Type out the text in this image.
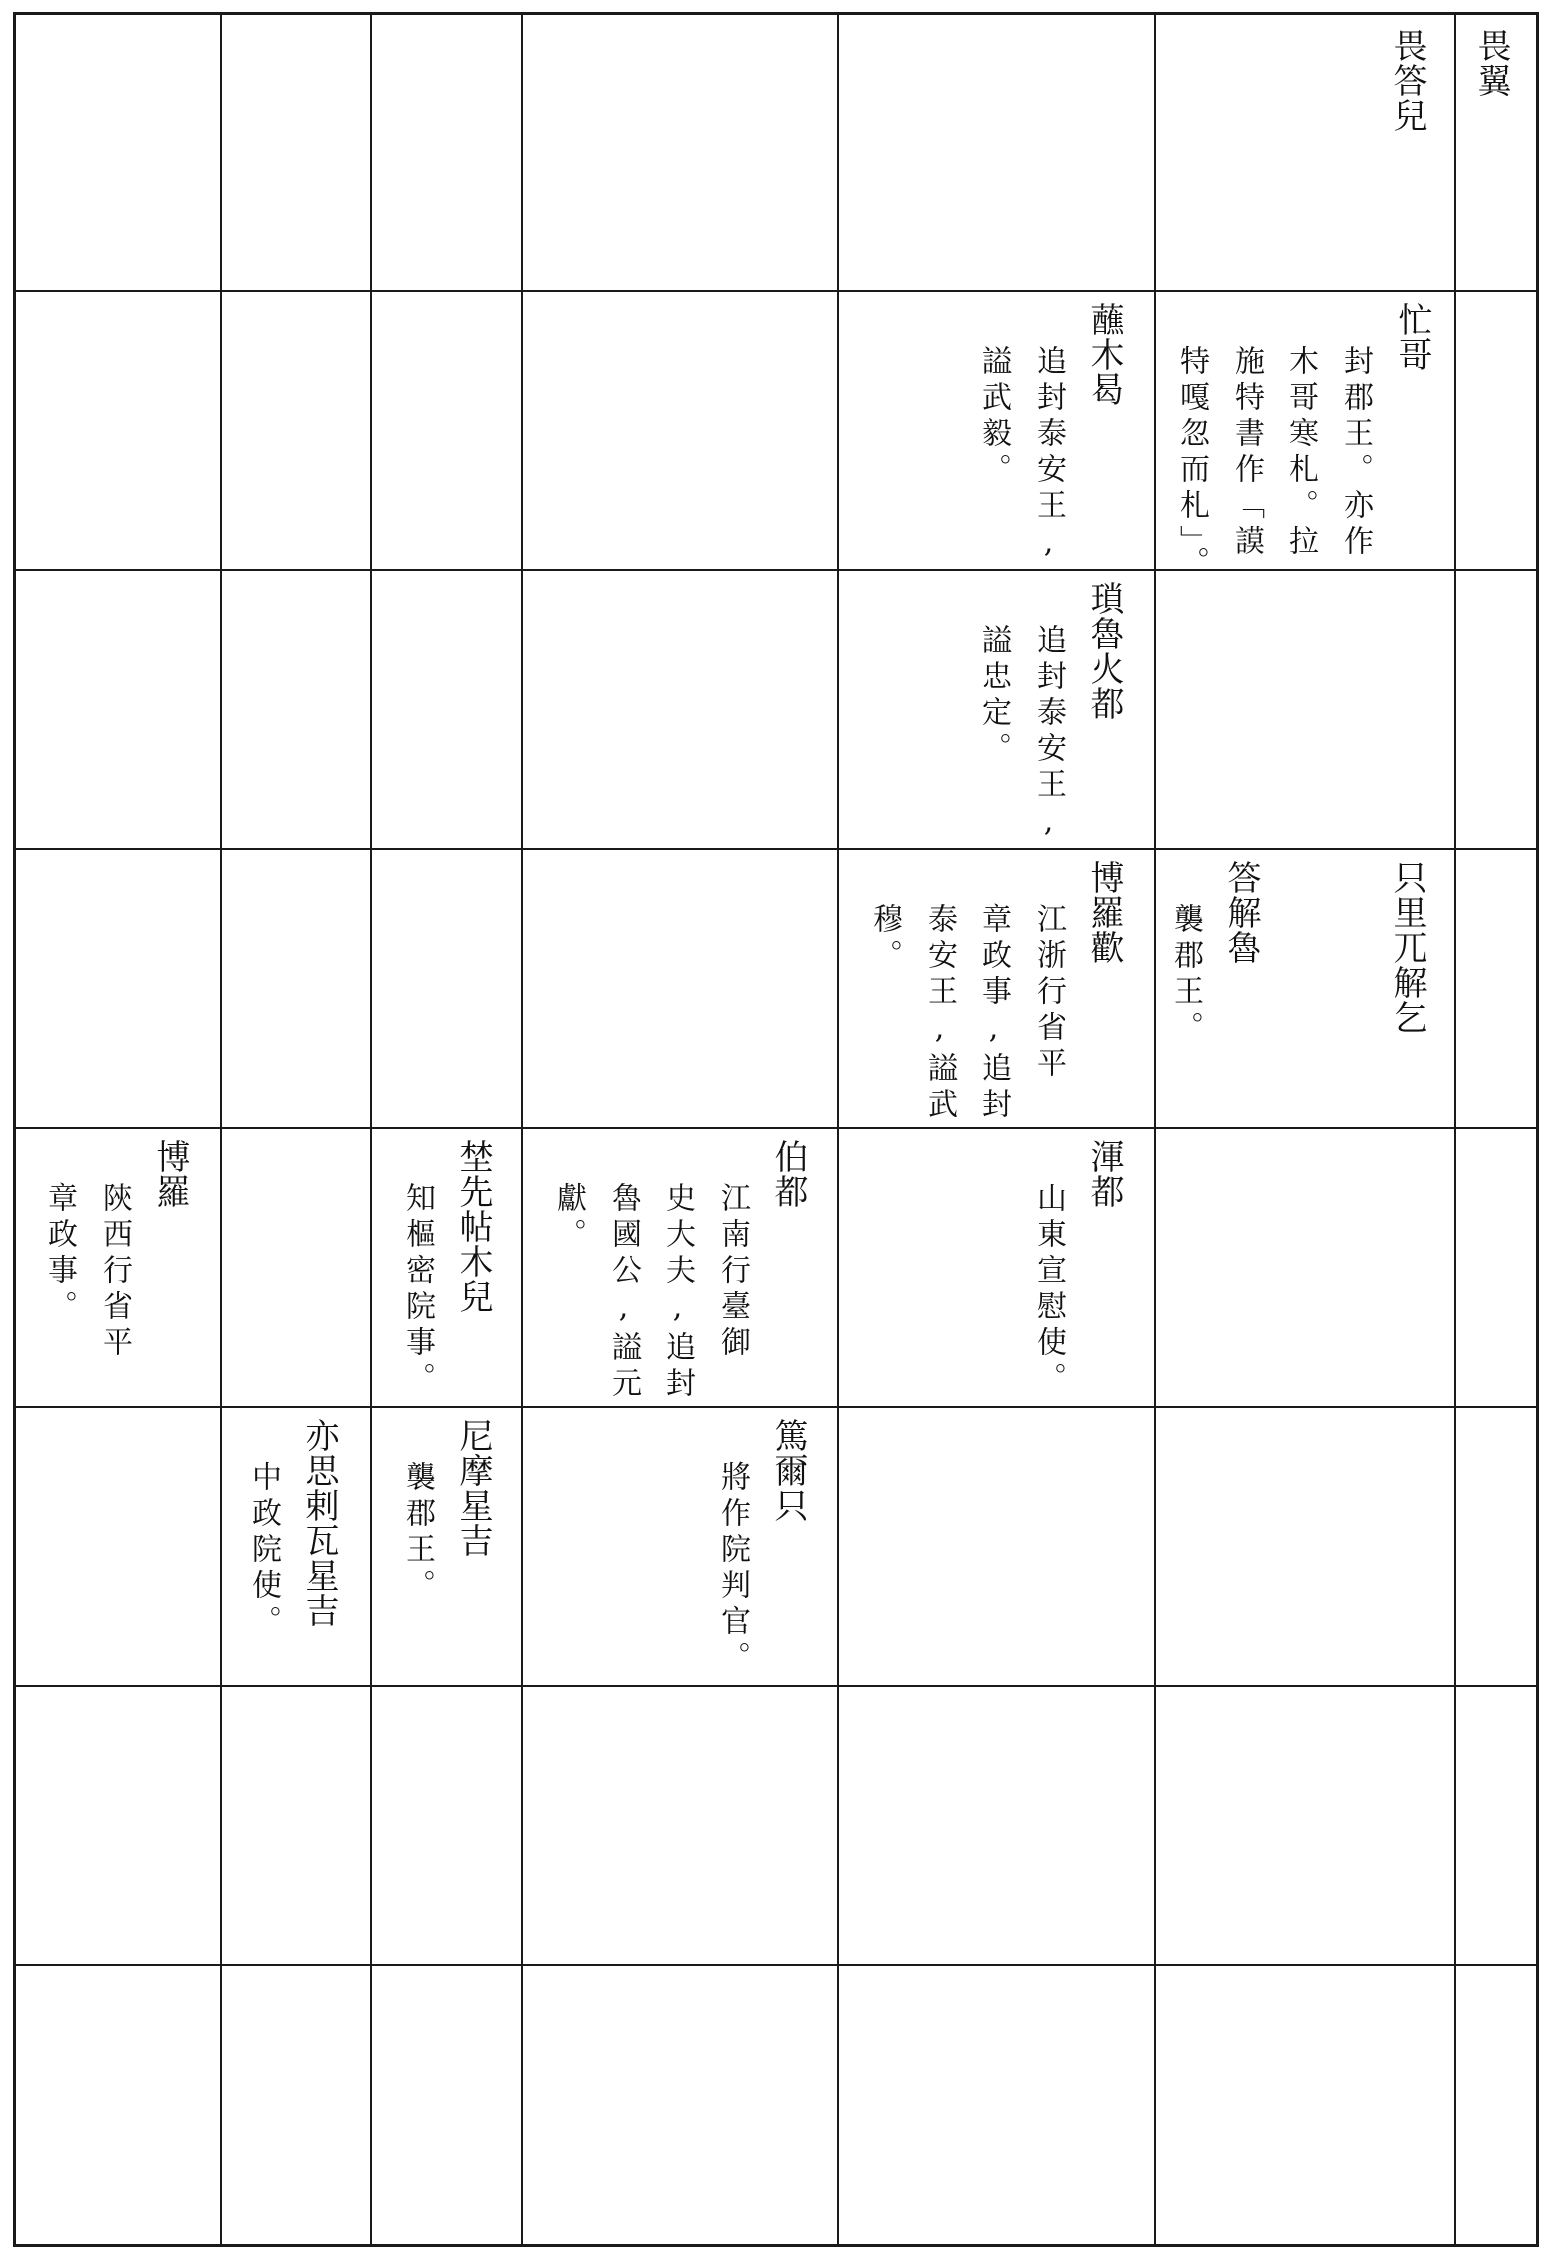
畏翼
畏答兒
忙哥
封郡王。亦作
木哥寒札。拉
施特書作「謨
特嘎忽而札」。
蘸木曷
追封泰安王,
謚武毅。
瑣魯火都
追封泰安王,
謚忠定。
只里兀解乞
答解魯
襲郡王。
博羅歡
江浙行省平
章政事,追封
泰安王,謚武
穆。
渾都
山東宣慰使。
伯都
江南行臺御
史大夫,追封
魯國公,謚元
獻。
埜先帖木兒
知樞密院事。
博羅
陝西行省平
章政事。
篤爾只
將作院判官。
尼摩星吉
襲郡王。
亦思剌瓦星吉
中政院使。
